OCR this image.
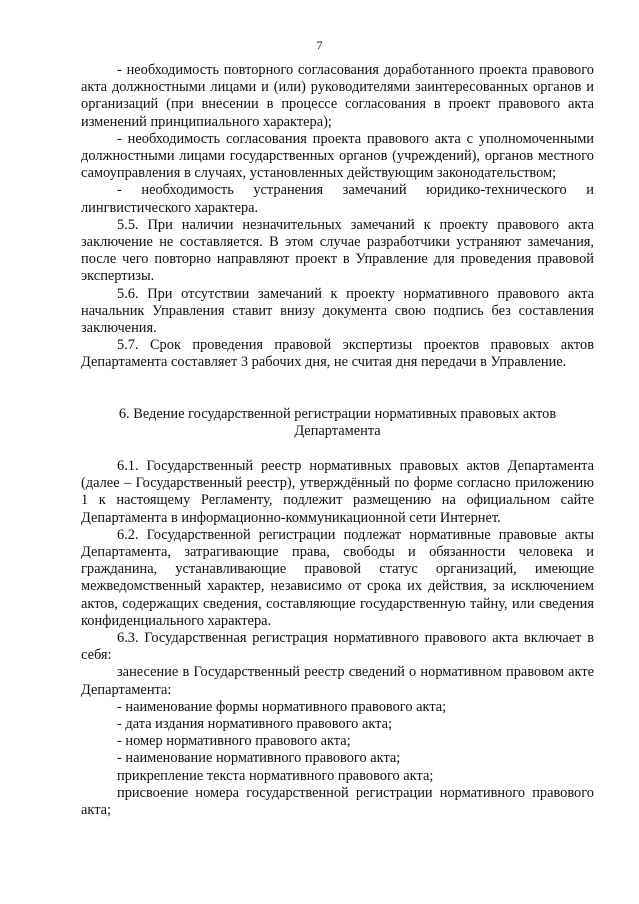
7

- необходимость повторного согласования доработанного проекта правового акта должностными лицами и (или) руководителями заинтересованных органов и организаций (при внесении в процессе согласования в проект правового акта изменений принципиального характера);

- необходимость согласования проекта правового акта с уполномоченными должностными лицами государственных органов (учреждений), органов местного самоуправления в случаях, установленных действующим законодательством;

- необходимость устранения замечаний юридико-технического и лингвистического характера.

5.5. При наличии незначительных замечаний к проекту правового акта заключение не составляется. В этом случае разработчики устраняют замечания, после чего повторно направляют проект в Управление для проведения правовой экспертизы.

5.6. При отсутствии замечаний к проекту нормативного правового акта начальник Управления ставит внизу документа свою подпись без составления заключения.

5.7. Срок проведения правовой экспертизы проектов правовых актов Департамента составляет 3 рабочих дня, не считая дня передачи в Управление.

6. Ведение государственной регистрации нормативных правовых актов
Департамента

6.1. Государственный реестр нормативных правовых актов Департамента (далее – Государственный реестр), утверждённый по форме согласно приложению 1 к настоящему Регламенту, подлежит размещению на официальном сайте Департамента в информационно-коммуникационной сети Интернет.

6.2. Государственной регистрации подлежат нормативные правовые акты Департамента, затрагивающие права, свободы и обязанности человека и гражданина, устанавливающие правовой статус организаций, имеющие межведомственный характер, независимо от срока их действия, за исключением актов, содержащих сведения, составляющие государственную тайну, или сведения конфиденциального характера.

6.3. Государственная регистрация нормативного правового акта включает в себя:

занесение в Государственный реестр сведений о нормативном правовом акте Департамента:

- наименование формы нормативного правового акта;

- дата издания нормативного правового акта;

- номер нормативного правового акта;

- наименование нормативного правового акта;

прикрепление текста нормативного правового акта;

присвоение номера государственной регистрации нормативного правового акта;
